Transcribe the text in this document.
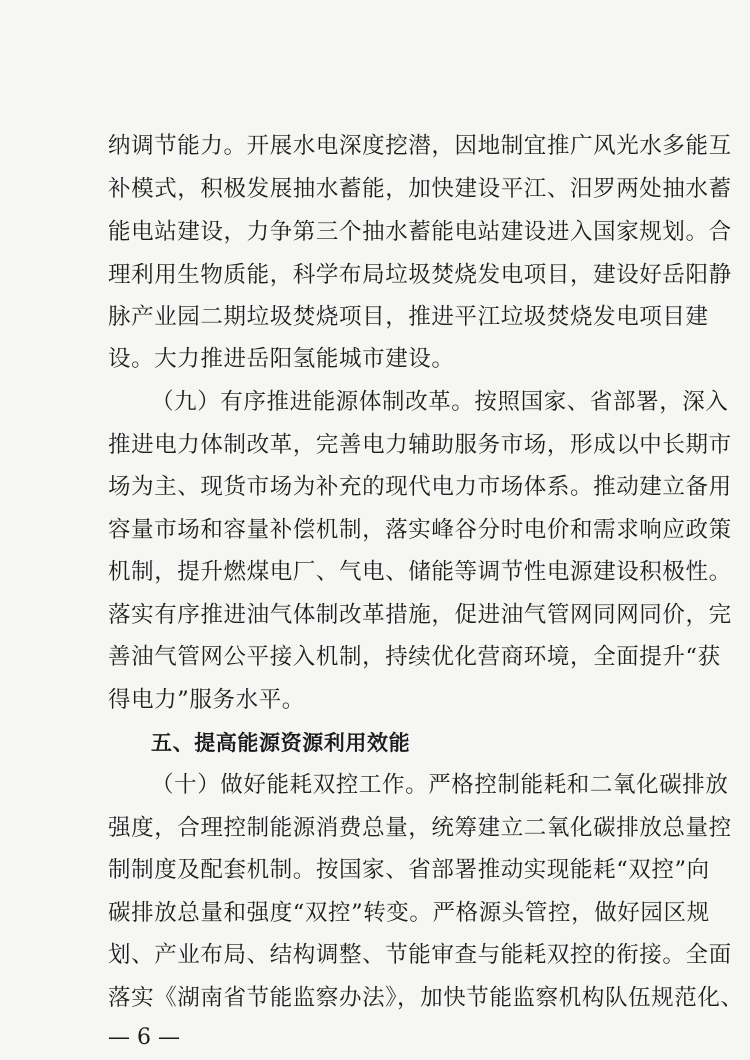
纳调节能力。开展水电深度挖潜，因地制宜推广风光水多能互
补模式，积极发展抽水蓄能，加快建设平江、汨罗两处抽水蓄
能电站建设，力争第三个抽水蓄能电站建设进入国家规划。合
理利用生物质能，科学布局垃圾焚烧发电项目，建设好岳阳静
脉产业园二期垃圾焚烧项目，推进平江垃圾焚烧发电项目建
设。大力推进岳阳氢能城市建设。
（九）有序推进能源体制改革。按照国家、省部署，深入
推进电力体制改革，完善电力辅助服务市场，形成以中长期市
场为主、现货市场为补充的现代电力市场体系。推动建立备用
容量市场和容量补偿机制，落实峰谷分时电价和需求响应政策
机制，提升燃煤电厂、气电、储能等调节性电源建设积极性。
落实有序推进油气体制改革措施，促进油气管网同网同价，完
善油气管网公平接入机制，持续优化营商环境，全面提升“获
得电力”服务水平。
五、提高能源资源利用效能
（十）做好能耗双控工作。严格控制能耗和二氧化碳排放
强度，合理控制能源消费总量，统筹建立二氧化碳排放总量控
制制度及配套机制。按国家、省部署推动实现能耗“双控”向
碳排放总量和强度“双控”转变。严格源头管控，做好园区规
划、产业布局、结构调整、节能审查与能耗双控的衔接。全面
落实《湖南省节能监察办法》，加快节能监察机构队伍规范化、
— 6 —
